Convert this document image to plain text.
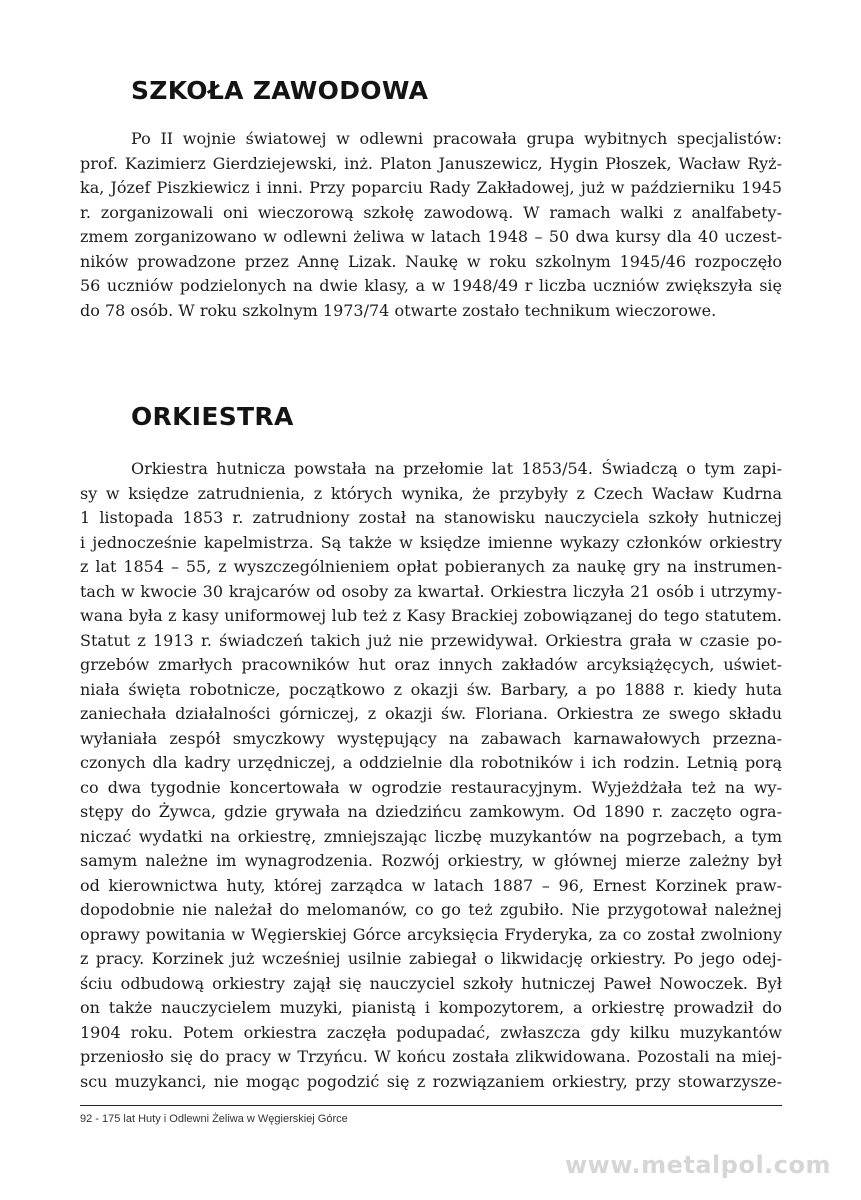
SZKOŁA ZAWODOWA
Po II wojnie światowej w odlewni pracowała grupa wybitnych specjalistów:
prof. Kazimierz Gierdziejewski, inż. Platon Januszewicz, Hygin Płoszek, Wacław Ryż-
ka, Józef Piszkiewicz i inni. Przy poparciu Rady Zakładowej, już w październiku 1945
r. zorganizowali oni wieczorową szkołę zawodową. W ramach walki z analfabety-
zmem zorganizowano w odlewni żeliwa w latach 1948 – 50 dwa kursy dla 40 uczest-
ników prowadzone przez Annę Lizak. Naukę w roku szkolnym 1945/46 rozpoczęło
56 uczniów podzielonych na dwie klasy, a w 1948/49 r liczba uczniów zwiększyła się
do 78 osób. W roku szkolnym 1973/74 otwarte zostało technikum wieczorowe.
ORKIESTRA
Orkiestra hutnicza powstała na przełomie lat 1853/54. Świadczą o tym zapi-
sy w księdze zatrudnienia, z których wynika, że przybyły z Czech Wacław Kudrna
1 listopada 1853 r. zatrudniony został na stanowisku nauczyciela szkoły hutniczej
i jednocześnie kapelmistrza. Są także w księdze imienne wykazy członków orkiestry
z lat 1854 – 55, z wyszczególnieniem opłat pobieranych za naukę gry na instrumen-
tach w kwocie 30 krajcarów od osoby za kwartał. Orkiestra liczyła 21 osób i utrzymy-
wana była z kasy uniformowej lub też z Kasy Brackiej zobowiązanej do tego statutem.
Statut z 1913 r. świadczeń takich już nie przewidywał. Orkiestra grała w czasie po-
grzebów zmarłych pracowników hut oraz innych zakładów arcyksiążęcych, uświet-
niała święta robotnicze, początkowo z okazji św. Barbary, a po 1888 r. kiedy huta
zaniechała działalności górniczej, z okazji św. Floriana. Orkiestra ze swego składu
wyłaniała zespół smyczkowy występujący na zabawach karnawałowych przezna-
czonych dla kadry urzędniczej, a oddzielnie dla robotników i ich rodzin. Letnią porą
co dwa tygodnie koncertowała w ogrodzie restauracyjnym. Wyjeżdżała też na wy-
stępy do Żywca, gdzie grywała na dziedzińcu zamkowym. Od 1890 r. zaczęto ogra-
niczać wydatki na orkiestrę, zmniejszając liczbę muzykantów na pogrzebach, a tym
samym należne im wynagrodzenia. Rozwój orkiestry, w głównej mierze zależny był
od kierownictwa huty, której zarządca w latach 1887 – 96, Ernest Korzinek praw-
dopodobnie nie należał do melomanów, co go też zgubiło. Nie przygotował należnej
oprawy powitania w Węgierskiej Górce arcyksięcia Fryderyka, za co został zwolniony
z pracy. Korzinek już wcześniej usilnie zabiegał o likwidację orkiestry. Po jego odej-
ściu odbudową orkiestry zajął się nauczyciel szkoły hutniczej Paweł Nowoczek. Był
on także nauczycielem muzyki, pianistą i kompozytorem, a orkiestrę prowadził do
1904 roku. Potem orkiestra zaczęła podupadać, zwłaszcza gdy kilku muzykantów
przeniosło się do pracy w Trzyńcu. W końcu została zlikwidowana. Pozostali na miej-
scu muzykanci, nie mogąc pogodzić się z rozwiązaniem orkiestry, przy stowarzysze-
92 - 175 lat Huty i Odlewni Żeliwa w Węgierskiej Górce
www.metalpol.com
